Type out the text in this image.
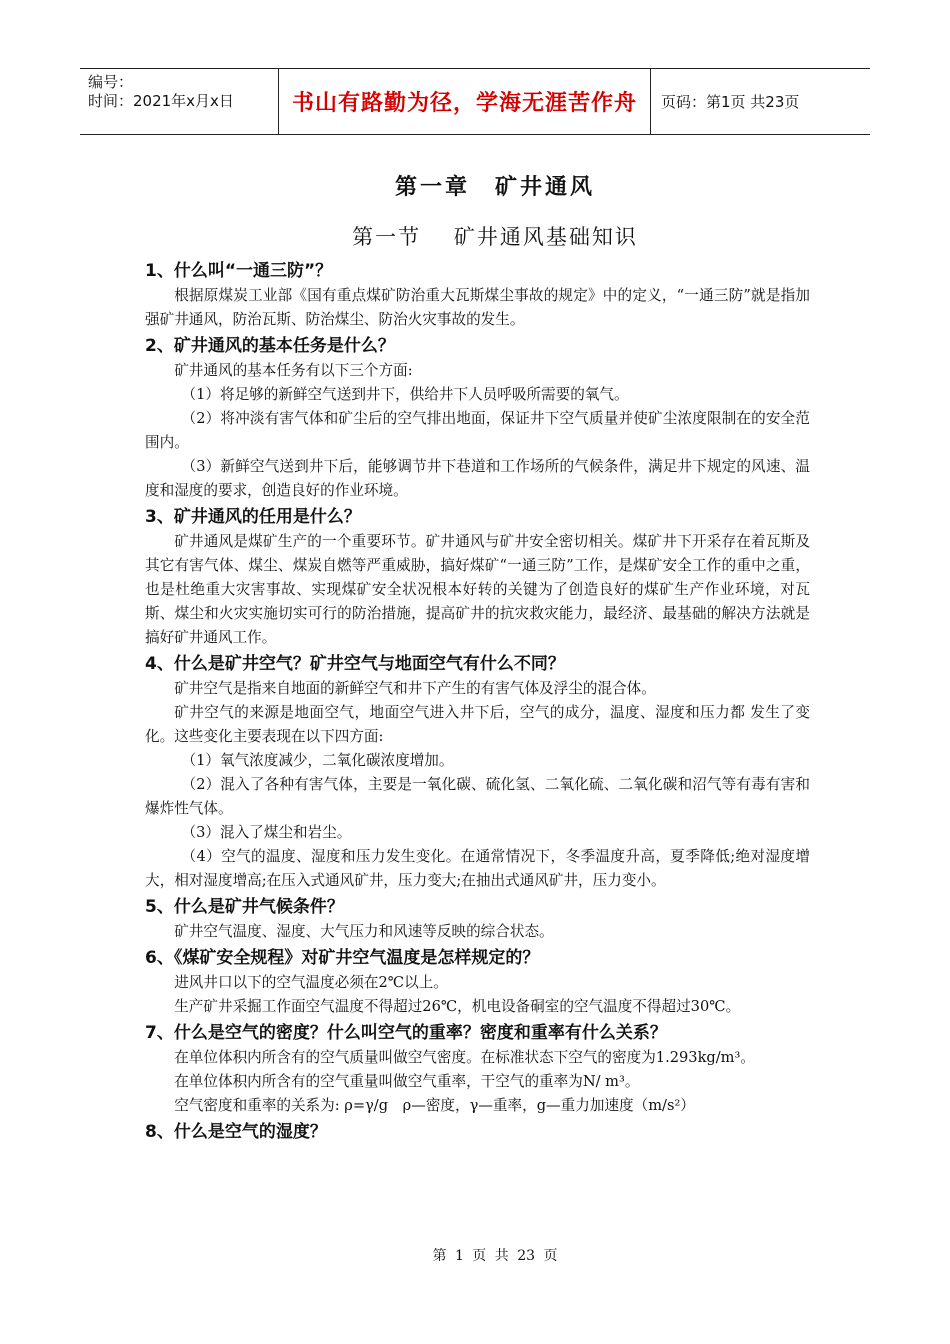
编号：
时间：2021年x月x日	书山有路勤为径，学海无涯苦作舟	页码：第1页 共23页
第一章　矿井通风
第一节 矿井通风基础知识
1、什么叫“一通三防”？

根据原煤炭工业部《国有重点煤矿防治重大瓦斯煤尘事故的规定》中的定义，“一通三防”就是指加强矿井通风，防治瓦斯、防治煤尘、防治火灾事故的发生。

2、矿井通风的基本任务是什么？

矿井通风的基本任务有以下三个方面:

（1）将足够的新鲜空气送到井下，供给井下人员呼吸所需要的氧气。

（2）将冲淡有害气体和矿尘后的空气排出地面，保证井下空气质量并使矿尘浓度限制在的安全范围内。

（3）新鲜空气送到井下后，能够调节井下巷道和工作场所的气候条件，满足井下规定的风速、温度和湿度的要求，创造良好的作业环境。

3、矿井通风的任用是什么？

矿井通风是煤矿生产的一个重要环节。矿井通风与矿井安全密切相关。煤矿井下开采存在着瓦斯及其它有害气体、煤尘、煤炭自燃等严重威胁，搞好煤矿“一通三防”工作，是煤矿安全工作的重中之重，也是杜绝重大灾害事故、实现煤矿安全状况根本好转的关键为了创造良好的煤矿生产作业环境，对瓦斯、煤尘和火灾实施切实可行的防治措施，提高矿井的抗灾救灾能力，最经济、最基础的解决方法就是搞好矿井通风工作。

4、什么是矿井空气？矿井空气与地面空气有什么不同？

矿井空气是指来自地面的新鲜空气和井下产生的有害气体及浮尘的混合体。

矿井空气的来源是地面空气，地面空气进入井下后，空气的成分，温度、湿度和压力都 发生了变化。这些变化主要表现在以下四方面:

（1）氧气浓度减少，二氧化碳浓度增加。

（2）混入了各种有害气体，主要是一氧化碳、硫化氢、二氧化硫、二氧化碳和沼气等有毒有害和爆炸性气体。

（3）混入了煤尘和岩尘。

（4）空气的温度、湿度和压力发生变化。在通常情况下，冬季温度升高，夏季降低;绝对湿度增大，相对湿度增高;在压入式通风矿井，压力变大;在抽出式通风矿井，压力变小。

5、什么是矿井气候条件？

矿井空气温度、湿度、大气压力和风速等反映的综合状态。

6、《煤矿安全规程》对矿井空气温度是怎样规定的？

进风井口以下的空气温度必须在2℃以上。

生产矿井采掘工作面空气温度不得超过26℃，机电设备硐室的空气温度不得超过30℃。

7、什么是空气的密度？什么叫空气的重率？密度和重率有什么关系？

在单位体积内所含有的空气质量叫做空气密度。在标准状态下空气的密度为1.293kg/m³。

在单位体积内所含有的空气重量叫做空气重率，干空气的重率为N/ m³。

空气密度和重率的关系为: ρ=γ/g　ρ—密度，γ—重率，g—重力加速度（m/s²）

8、什么是空气的湿度？
第 1 页 共 23 页
